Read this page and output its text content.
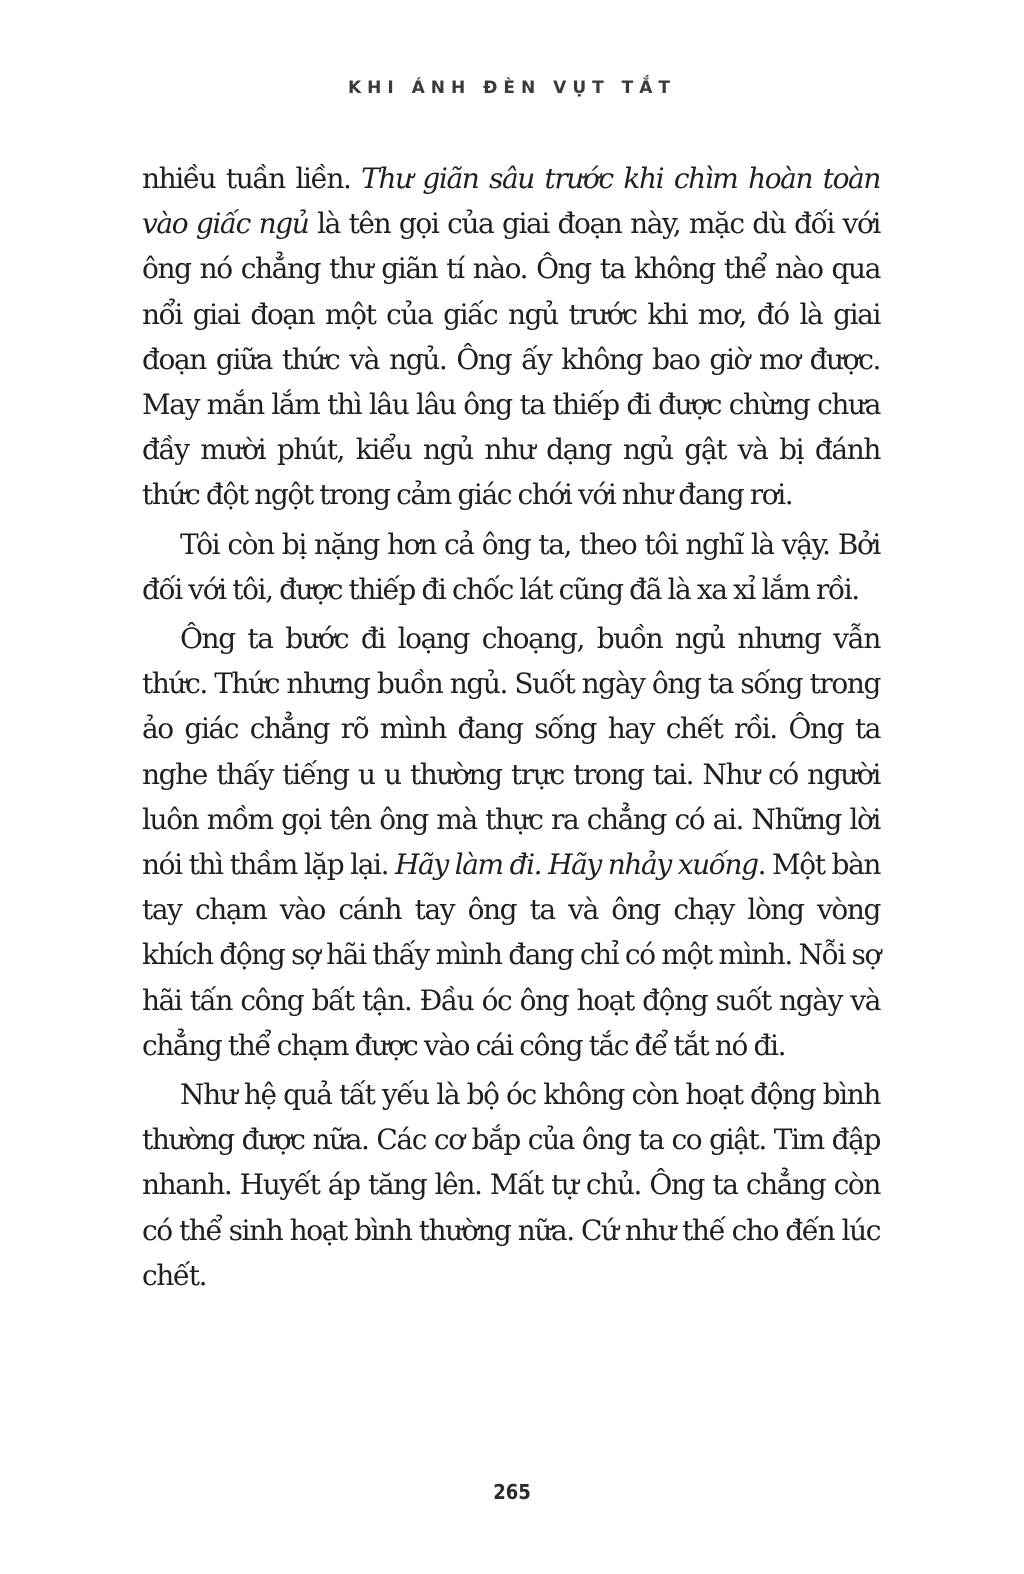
KHI ÁNH ĐÈN VỤT TẮT

nhiều tuần liền. Thư giãn sâu trước khi chìm hoàn toàn vào giấc ngủ là tên gọi của giai đoạn này, mặc dù đối với ông nó chẳng thư giãn tí nào. Ông ta không thể nào qua nổi giai đoạn một của giấc ngủ trước khi mơ, đó là giai đoạn giữa thức và ngủ. Ông ấy không bao giờ mơ được. May mắn lắm thì lâu lâu ông ta thiếp đi được chừng chưa đầy mười phút, kiểu ngủ như dạng ngủ gật và bị đánh thức đột ngột trong cảm giác chới với như đang rơi.

Tôi còn bị nặng hơn cả ông ta, theo tôi nghĩ là vậy. Bởi đối với tôi, được thiếp đi chốc lát cũng đã là xa xỉ lắm rồi.

Ông ta bước đi loạng choạng, buồn ngủ nhưng vẫn thức. Thức nhưng buồn ngủ. Suốt ngày ông ta sống trong ảo giác chẳng rõ mình đang sống hay chết rồi. Ông ta nghe thấy tiếng u u thường trực trong tai. Như có người luôn mồm gọi tên ông mà thực ra chẳng có ai. Những lời nói thì thầm lặp lại. Hãy làm đi. Hãy nhảy xuống. Một bàn tay chạm vào cánh tay ông ta và ông chạy lòng vòng khích động sợ hãi thấy mình đang chỉ có một mình. Nỗi sợ hãi tấn công bất tận. Đầu óc ông hoạt động suốt ngày và chẳng thể chạm được vào cái công tắc để tắt nó đi.

Như hệ quả tất yếu là bộ óc không còn hoạt động bình thường được nữa. Các cơ bắp của ông ta co giật. Tim đập nhanh. Huyết áp tăng lên. Mất tự chủ. Ông ta chẳng còn có thể sinh hoạt bình thường nữa. Cứ như thế cho đến lúc chết.

265
